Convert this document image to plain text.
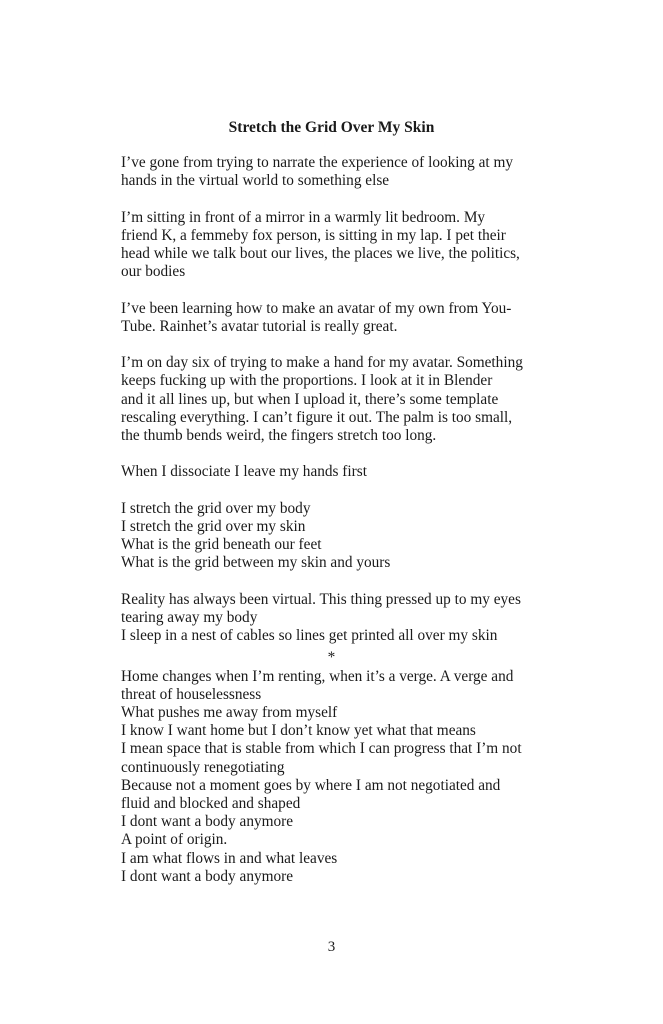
Stretch the Grid Over My Skin

I’ve gone from trying to narrate the experience of looking at my
hands in the virtual world to something else

I’m sitting in front of a mirror in a warmly lit bedroom. My
friend K, a femmeby fox person, is sitting in my lap. I pet their
head while we talk bout our lives, the places we live, the politics,
our bodies

I’ve been learning how to make an avatar of my own from You-
Tube. Rainhet’s avatar tutorial is really great.

I’m on day six of trying to make a hand for my avatar. Something
keeps fucking up with the proportions. I look at it in Blender
and it all lines up, but when I upload it, there’s some template
rescaling everything. I can’t figure it out. The palm is too small,
the thumb bends weird, the fingers stretch too long.

When I dissociate I leave my hands first

I stretch the grid over my body
I stretch the grid over my skin
What is the grid beneath our feet
What is the grid between my skin and yours

Reality has always been virtual. This thing pressed up to my eyes
tearing away my body
I sleep in a nest of cables so lines get printed all over my skin

*

Home changes when I’m renting, when it’s a verge. A verge and
threat of houselessness
What pushes me away from myself
I know I want home but I don’t know yet what that means
I mean space that is stable from which I can progress that I’m not
continuously renegotiating
Because not a moment goes by where I am not negotiated and
fluid and blocked and shaped
I dont want a body anymore
A point of origin.
I am what flows in and what leaves
I dont want a body anymore

3
